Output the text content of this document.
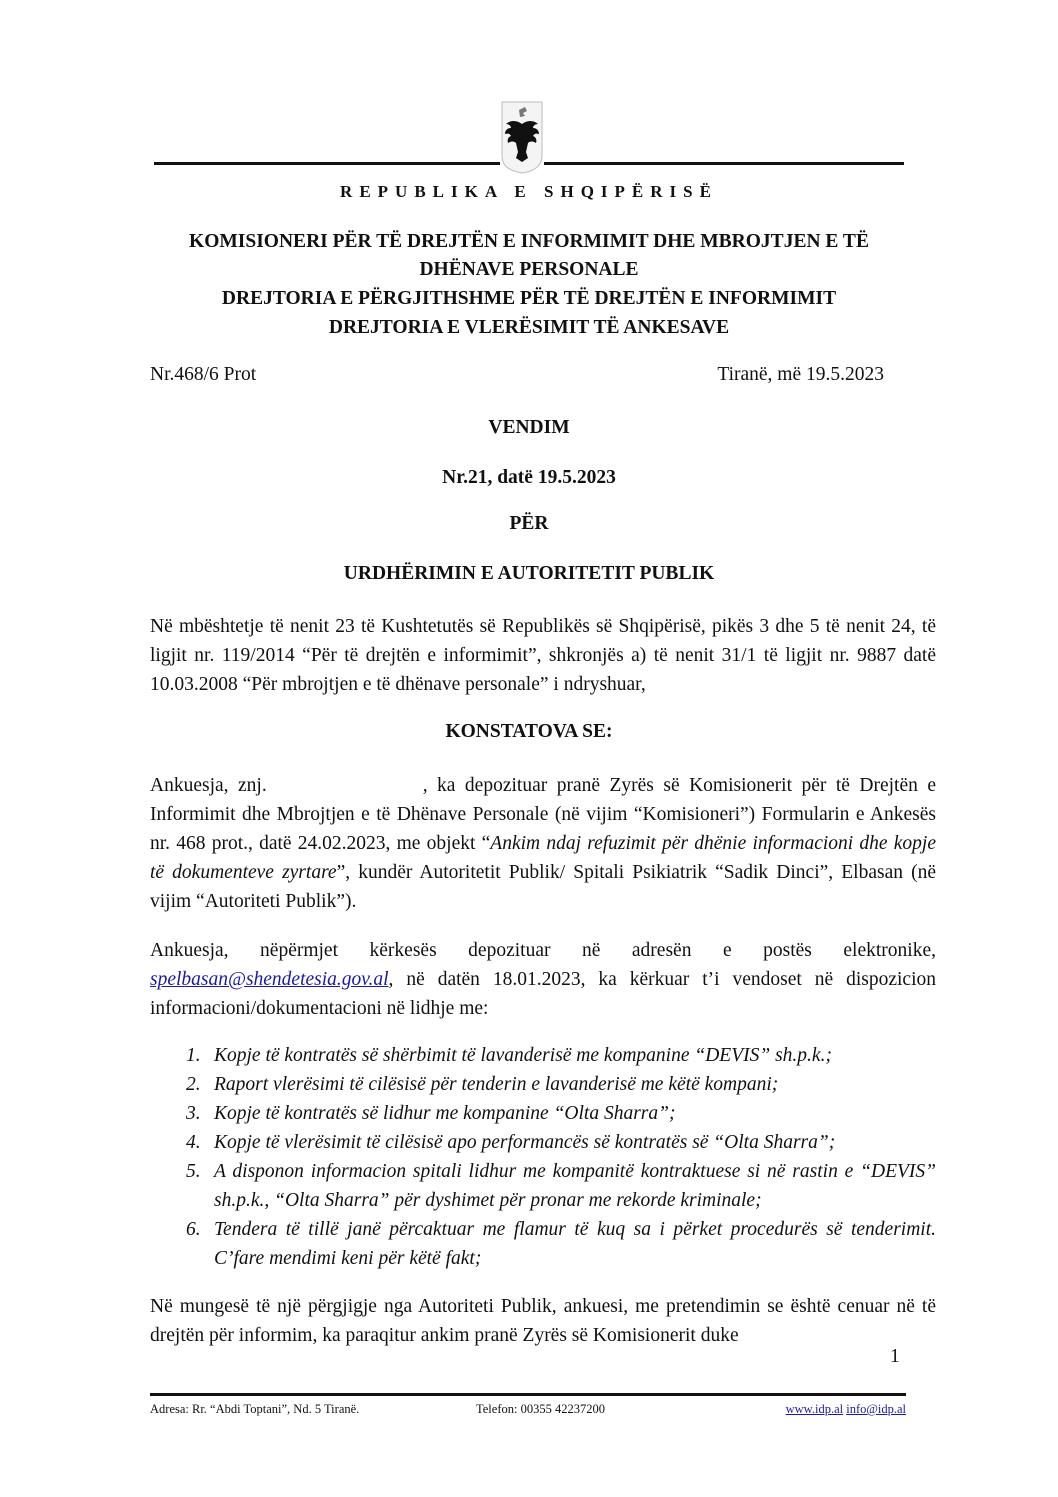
REPUBLIKA E SHQIPËRISË
KOMISIONERI PËR TË DREJTËN E INFORMIMIT DHE MBROJTJEN E TË
DHËNAVE PERSONALE
DREJTORIA E PËRGJITHSHME PËR TË DREJTËN E INFORMIMIT
DREJTORIA E VLERËSIMIT TË ANKESAVE
Nr.468/6 Prot	Tiranë, më 19.5.2023
VENDIM
Nr.21, datë 19.5.2023
PËR
URDHËRIMIN E AUTORITETIT PUBLIK

Në mbështetje të nenit 23 të Kushtetutës së Republikës së Shqipërisë, pikës 3 dhe 5 të nenit 24, të ligjit nr. 119/2014 “Për të drejtën e informimit”, shkronjës a) të nenit 31/1 të ligjit nr. 9887 datë 10.03.2008 “Për mbrojtjen e të dhënave personale” i ndryshuar,

KONSTATOVA SE:

Ankuesja, znj.	, ka depozituar pranë Zyrës së Komisionerit për të Drejtën e Informimit dhe Mbrojtjen e të Dhënave Personale (në vijim “Komisioneri”) Formularin e Ankesës nr. 468 prot., datë 24.02.2023, me objekt “Ankim ndaj refuzimit për dhënie informacioni dhe kopje të dokumenteve zyrtare”, kundër Autoritetit Publik/ Spitali Psikiatrik “Sadik Dinci”, Elbasan (në vijim “Autoriteti Publik”).

Ankuesja, nëpërmjet kërkesës depozituar në adresën e postës elektronike, spelbasan@shendetesia.gov.al, në datën 18.01.2023, ka kërkuar t’i vendoset në dispozicion informacioni/dokumentacioni në lidhje me:

1. Kopje të kontratës së shërbimit të lavanderisë me kompanine “DEVIS” sh.p.k.;
2. Raport vlerësimi të cilësisë për tenderin e lavanderisë me këtë kompani;
3. Kopje të kontratës së lidhur me kompanine “Olta Sharra”;
4. Kopje të vlerësimit të cilësisë apo performancës së kontratës së “Olta Sharra”;
5. A disponon informacion spitali lidhur me kompanitë kontraktuese si në rastin e “DEVIS” sh.p.k., “Olta Sharra” për dyshimet për pronar me rekorde kriminale;
6. Tendera të tillë janë përcaktuar me flamur të kuq sa i përket procedurës së tenderimit. C’fare mendimi keni për këtë fakt;

Në mungesë të një përgjigje nga Autoriteti Publik, ankuesi, me pretendimin se është cenuar në të drejtën për informim, ka paraqitur ankim pranë Zyrës së Komisionerit duke

1
Adresa: Rr. “Abdi Toptani”, Nd. 5 Tiranë.	Telefon: 00355 42237200	www.idp.al info@idp.al
